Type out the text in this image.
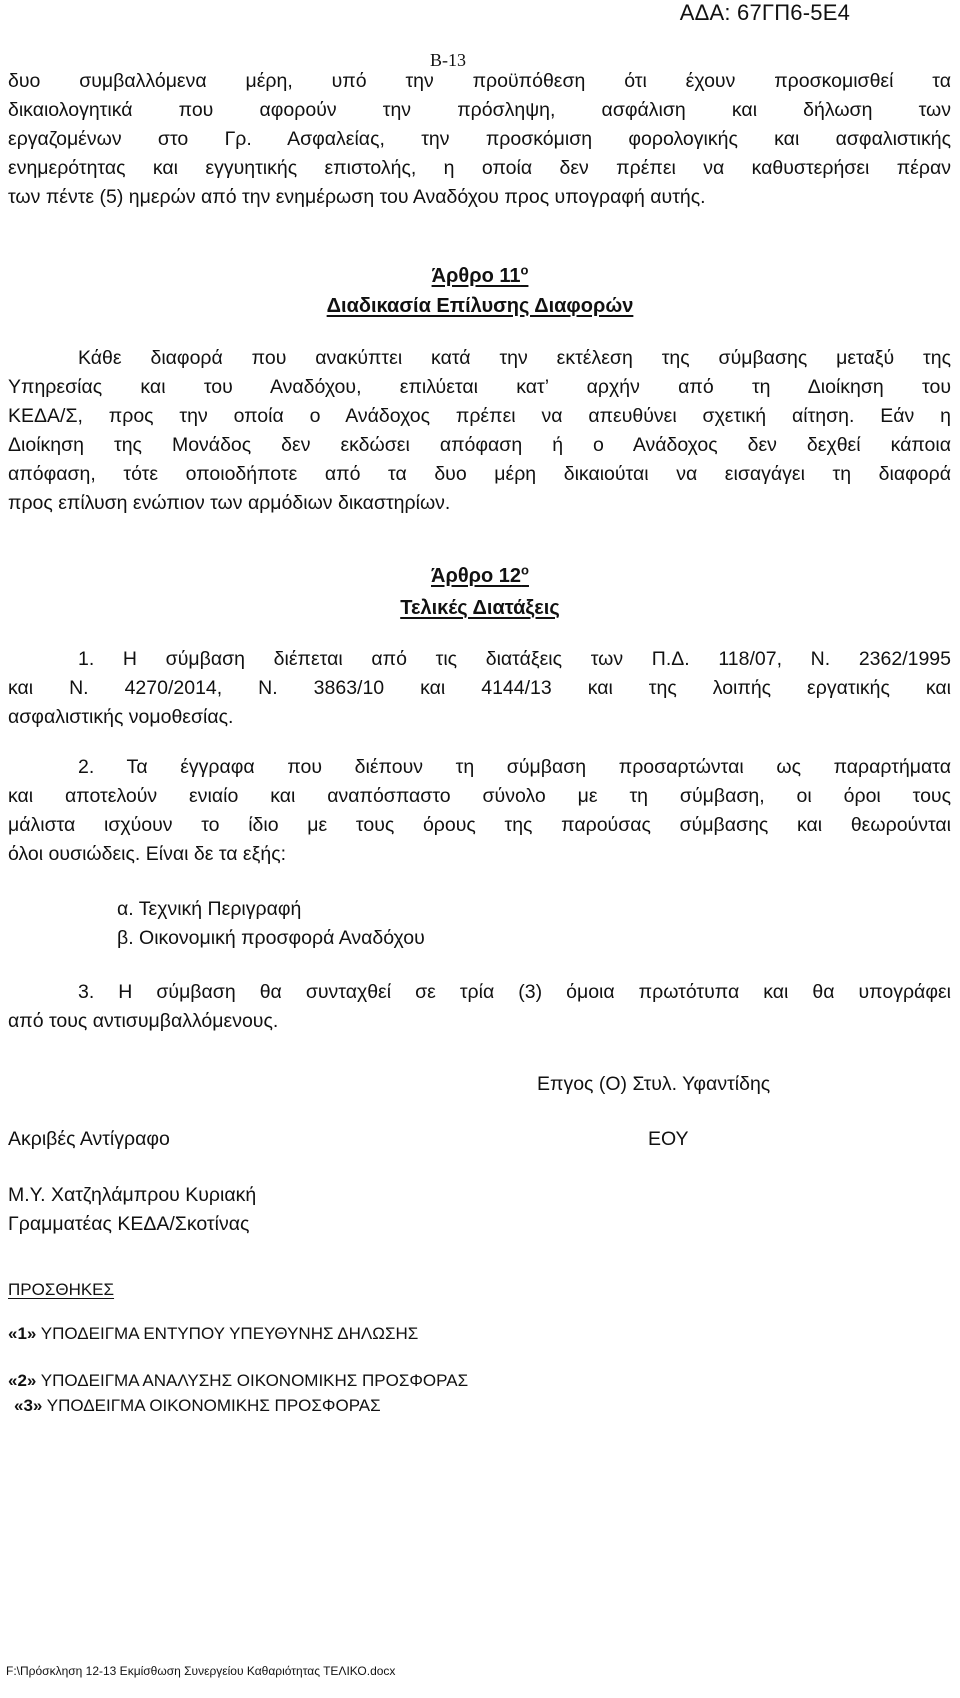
ΑΔΑ: 67ΓΠ6-5Ε4
Β-13
δυο συμβαλλόμενα μέρη, υπό την προϋπόθεση ότι έχουν προσκομισθεί τα
δικαιολογητικά που αφορούν την πρόσληψη, ασφάλιση και δήλωση των
εργαζομένων στο Γρ. Ασφαλείας, την προσκόμιση φορολογικής και ασφαλιστικής
ενημερότητας και εγγυητικής επιστολής, η οποία δεν πρέπει να καθυστερήσει πέραν
των πέντε (5) ημερών από την ενημέρωση του Αναδόχου προς υπογραφή αυτής.
Άρθρο $11^o$
Διαδικασία Επίλυσης Διαφορών
Κάθε διαφορά που ανακύπτει κατά την εκτέλεση της σύμβασης μεταξύ της
Υπηρεσίας και του Αναδόχου, επιλύεται κατ’ αρχήν από τη Διοίκηση του
ΚΕΔΑ/Σ, προς την οποία ο Ανάδοχος πρέπει να απευθύνει σχετική αίτηση. Εάν η
Διοίκηση της Μονάδος δεν εκδώσει απόφαση ή ο Ανάδοχος δεν δεχθεί κάποια
απόφαση, τότε οποιοδήποτε από τα δυο μέρη δικαιούται να εισαγάγει τη διαφορά
προς επίλυση ενώπιον των αρμόδιων δικαστηρίων.
Άρθρο $12^o$
Τελικές Διατάξεις
1. Η σύμβαση διέπεται από τις διατάξεις των Π.Δ. 118/07, Ν. 2362/1995
και Ν. 4270/2014, Ν. 3863/10 και 4144/13 και της λοιπής εργατικής και
ασφαλιστικής νομοθεσίας.
2. Τα έγγραφα που διέπουν τη σύμβαση προσαρτώνται ως παραρτήματα
και αποτελούν ενιαίο και αναπόσπαστο σύνολο με τη σύμβαση, οι όροι τους
μάλιστα ισχύουν το ίδιο με τους όρους της παρούσας σύμβασης και θεωρούνται
όλοι ουσιώδεις. Είναι δε τα εξής:
α. Τεχνική Περιγραφή
β. Οικονομική προσφορά Αναδόχου
3. Η σύμβαση θα συνταχθεί σε τρία (3) όμοια πρωτότυπα και θα υπογράφει
από τους αντισυμβαλλόμενους.
Επγος (Ο) Στυλ. Υφαντίδης
Ακριβές Αντίγραφο	ΕΟΥ
Μ.Υ. Χατζηλάμπρου Κυριακή
Γραμματέας ΚΕΔΑ/Σκοτίνας
ΠΡΟΣΘΗΚΕΣ
«1» ΥΠΟΔΕΙΓΜΑ ΕΝΤΥΠΟΥ ΥΠΕΥΘΥΝΗΣ ΔΗΛΩΣΗΣ
«2» ΥΠΟΔΕΙΓΜΑ ΑΝΑΛΥΣΗΣ ΟΙΚΟΝΟΜΙΚΗΣ ΠΡΟΣΦΟΡΑΣ
«3» ΥΠΟΔΕΙΓΜΑ ΟΙΚΟΝΟΜΙΚΗΣ ΠΡΟΣΦΟΡΑΣ
F:\Πρόσκληση 12-13 Εκμίσθωση Συνεργείου Καθαριότητας ΤΕΛΙΚΟ.docx
